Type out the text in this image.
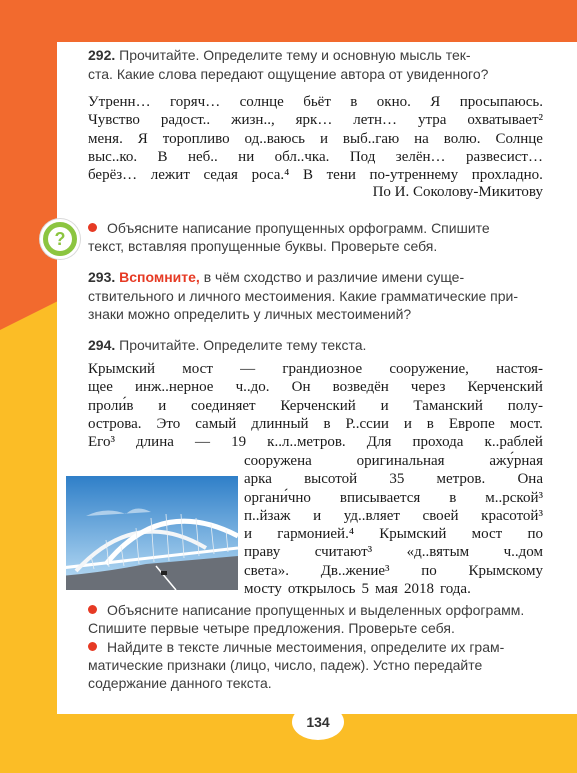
292. Прочитайте. Определите тему и основную мысль тек-
ста. Какие слова передают ощущение автора от увиденного?
Утренн… горяч… солнце бьёт в окно. Я просыпаюсь.
Чувство радост.. жизн.., ярк… летн… утра охватывает²
меня. Я торопливо од..ваюсь и выб..гаю на волю. Солнце
выс..ко. В неб.. ни обл..чка. Под зелён… развесист…
берёз… лежит седая роса.⁴ В тени по-утреннему прохладно.
По И. Соколову-Микитову
?
Объясните написание пропущенных орфограмм. Спишите
текст, вставляя пропущенные буквы. Проверьте себя.
293. Вспомните, в чём сходство и различие имени суще-
ствительного и личного местоимения. Какие грамматические при-
знаки можно определить у личных местоимений?
294. Прочитайте. Определите тему текста.
Крымский мост — грандиозное сооружение, настоя-
щее инж..нерное ч..до. Он возведён через Керченский
проли́в и соединяет Керченский и Таманский полу-
острова. Это самый длинный в Р..ссии и в Европе мост.
Его³ длина — 19 к..л..метров. Для прохода к..раблей
сооружена	оригинальная	ажу́рная
арка высотой 35 метров. Она
органи́чно вписывается в м..рской³
п..йзаж и уд..вляет своей красотой³
и гармонией.⁴ Крымский мост по
праву считают³ «д..вятым ч..дом
света». Дв..жение³ по Крымскому
мосту открылось 5 мая 2018 года.
Объясните написание пропущенных и выделенных орфограмм.
Спишите первые четыре предложения. Проверьте себя.
Найдите в тексте личные местоимения, определите их грам-
матические признаки (лицо, число, падеж). Устно передайте
содержание данного текста.
134
